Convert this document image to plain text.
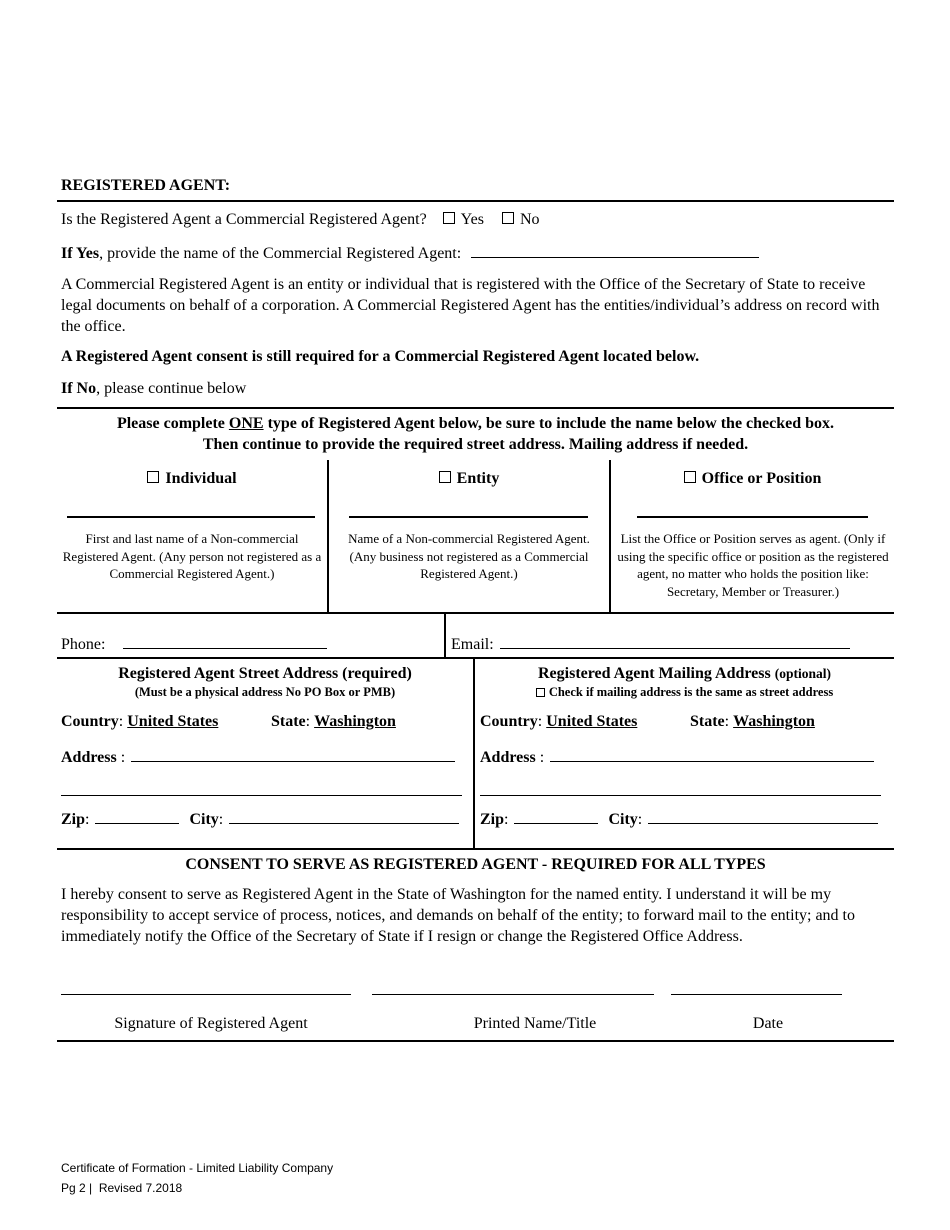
REGISTERED AGENT:
Is the Registered Agent a Commercial Registered Agent? Yes No
If Yes, provide the name of the Commercial Registered Agent:
A Commercial Registered Agent is an entity or individual that is registered with the Office of the Secretary of State to receive legal documents on behalf of a corporation. A Commercial Registered Agent has the entities/individual’s address on record with the office.
A Registered Agent consent is still required for a Commercial Registered Agent located below.
If No, please continue below
Please complete ONE type of Registered Agent below, be sure to include the name below the checked box.
Then continue to provide the required street address. Mailing address if needed.
Individual
First and last name of a Non-commercial Registered Agent. (Any person not registered as a Commercial Registered Agent.)
Entity
Name of a Non-commercial Registered Agent. (Any business not registered as a Commercial Registered Agent.)
Office or Position
List the Office or Position serves as agent. (Only if using the specific office or position as the registered agent, no matter who holds the position like: Secretary, Member or Treasurer.)
Phone:	Email:
Registered Agent Street Address (required)
(Must be a physical address No PO Box or PMB)
Country: United States	State: Washington
Address :
Zip:	City:
Registered Agent Mailing Address (optional)
Check if mailing address is the same as street address
Country: United States	State: Washington
Address :
Zip:	City:
CONSENT TO SERVE AS REGISTERED AGENT - REQUIRED FOR ALL TYPES
I hereby consent to serve as Registered Agent in the State of Washington for the named entity. I understand it will be my responsibility to accept service of process, notices, and demands on behalf of the entity; to forward mail to the entity; and to immediately notify the Office of the Secretary of State if I resign or change the Registered Office Address.
Signature of Registered Agent	Printed Name/Title	Date
Certificate of Formation - Limited Liability Company
Pg 2 |  Revised 7.2018
